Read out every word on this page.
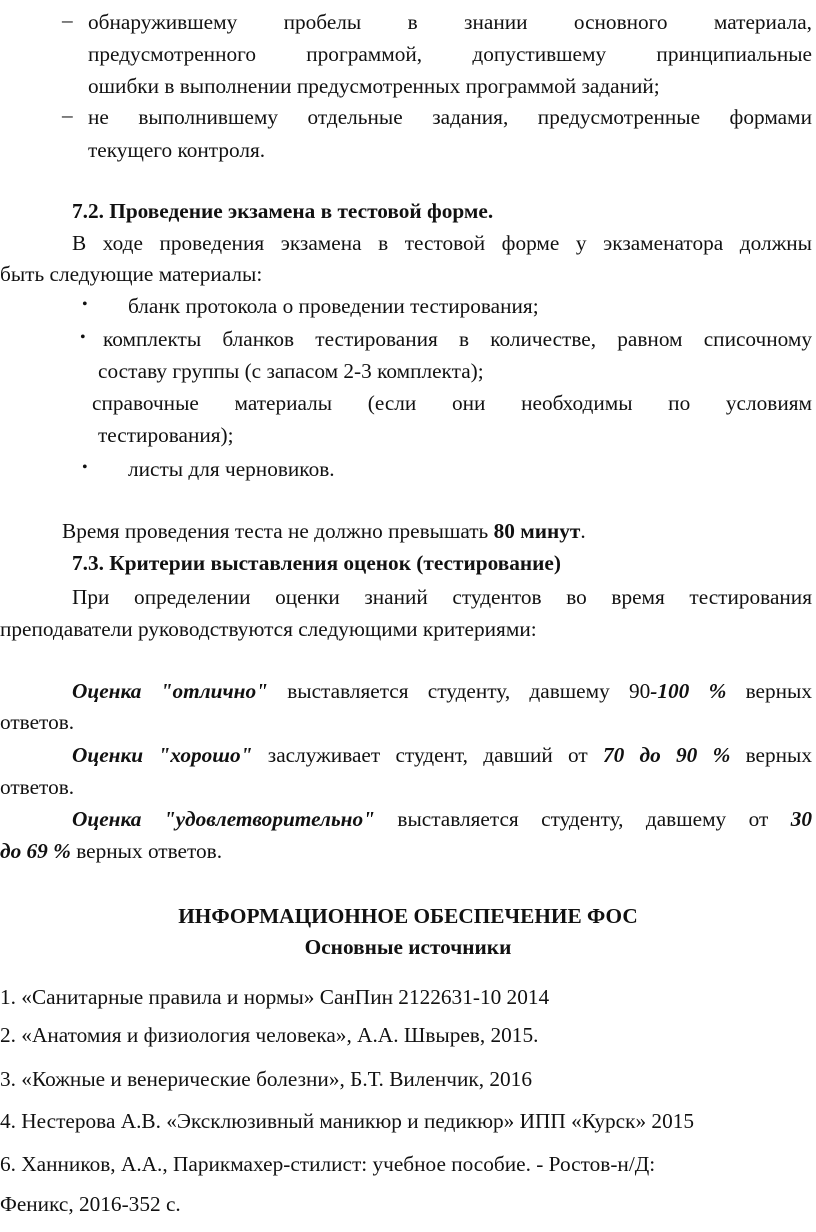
– обнаружившему пробелы в знании основного материала,
предусмотренного программой, допустившему принципиальные
ошибки в выполнении предусмотренных программой заданий;
– не выполнившему отдельные задания, предусмотренные формами
текущего контроля.
7.2. Проведение экзамена в тестовой форме.
В ходе проведения экзамена в тестовой форме у экзаменатора должны
быть следующие материалы:
• бланк протокола о проведении тестирования;
• комплекты бланков тестирования в количестве, равном списочному
составу группы (с запасом 2-3 комплекта);
справочные материалы (если они необходимы по условиям
тестирования);
• листы для черновиков.
Время проведения теста не должно превышать 80 минут.
7.3. Критерии выставления оценок (тестирование)
При определении оценки знаний студентов во время тестирования
преподаватели руководствуются следующими критериями:
Оценка "отлично" выставляется студенту, давшему 90-100 % верных
ответов.
Оценки "хорошо" заслуживает студент, давший от 70 до 90 % верных
ответов.
Оценка "удовлетворительно" выставляется студенту, давшему от 30
до 69 % верных ответов.
ИНФОРМАЦИОННОЕ ОБЕСПЕЧЕНИЕ ФОС
Основные источники
1. «Санитарные правила и нормы» СанПин 2122631-10 2014
2. «Анатомия и физиология человека», А.А. Швырев, 2015.
3. «Кожные и венерические болезни», Б.Т. Виленчик, 2016
4. Нестерова А.В. «Эксклюзивный маникюр и педикюр» ИПП «Курск» 2015
6. Ханников, А.А., Парикмахер-стилист: учебное пособие. - Ростов-н/Д:
Феникс, 2016-352 с.
